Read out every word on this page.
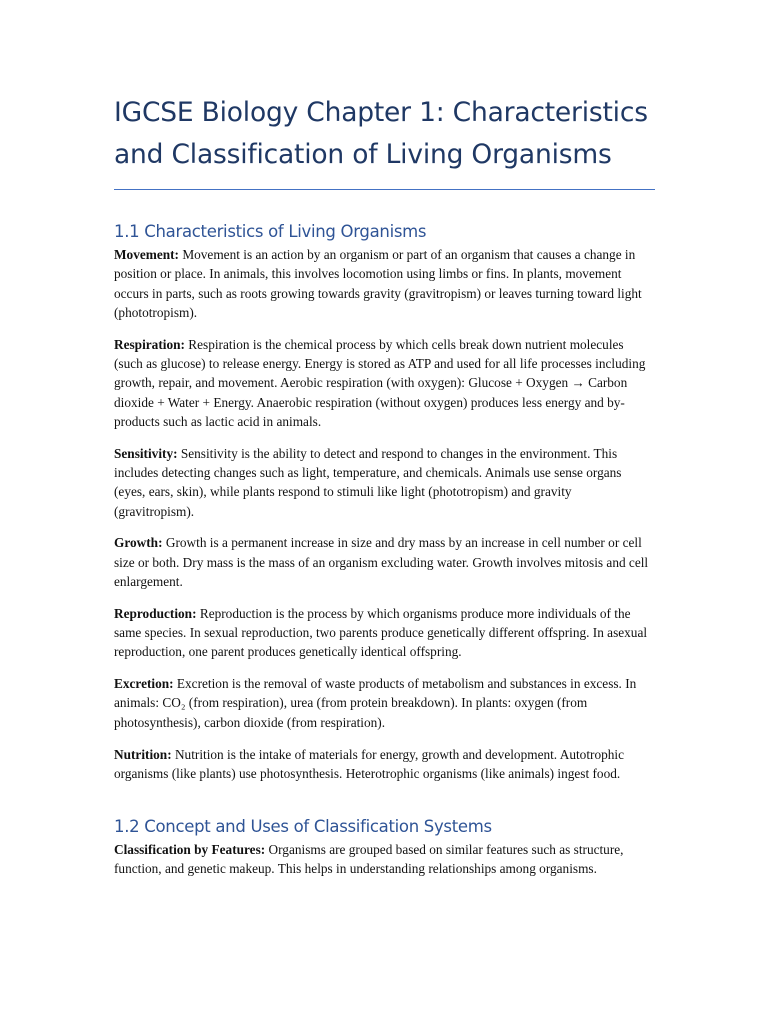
IGCSE Biology Chapter 1: Characteristics and Classification of Living Organisms
1.1 Characteristics of Living Organisms

Movement: Movement is an action by an organism or part of an organism that causes a change in position or place. In animals, this involves locomotion using limbs or fins. In plants, movement occurs in parts, such as roots growing towards gravity (gravitropism) or leaves turning toward light (phototropism).

Respiration: Respiration is the chemical process by which cells break down nutrient molecules (such as glucose) to release energy. Energy is stored as ATP and used for all life processes including growth, repair, and movement. Aerobic respiration (with oxygen): Glucose + Oxygen → Carbon dioxide + Water + Energy. Anaerobic respiration (without oxygen) produces less energy and by-products such as lactic acid in animals.

Sensitivity: Sensitivity is the ability to detect and respond to changes in the environment. This includes detecting changes such as light, temperature, and chemicals. Animals use sense organs (eyes, ears, skin), while plants respond to stimuli like light (phototropism) and gravity (gravitropism).

Growth: Growth is a permanent increase in size and dry mass by an increase in cell number or cell size or both. Dry mass is the mass of an organism excluding water. Growth involves mitosis and cell enlargement.

Reproduction: Reproduction is the process by which organisms produce more individuals of the same species. In sexual reproduction, two parents produce genetically different offspring. In asexual reproduction, one parent produces genetically identical offspring.

Excretion: Excretion is the removal of waste products of metabolism and substances in excess. In animals: CO₂ (from respiration), urea (from protein breakdown). In plants: oxygen (from photosynthesis), carbon dioxide (from respiration).

Nutrition: Nutrition is the intake of materials for energy, growth and development. Autotrophic organisms (like plants) use photosynthesis. Heterotrophic organisms (like animals) ingest food.

1.2 Concept and Uses of Classification Systems

Classification by Features: Organisms are grouped based on similar features such as structure, function, and genetic makeup. This helps in understanding relationships among organisms.
